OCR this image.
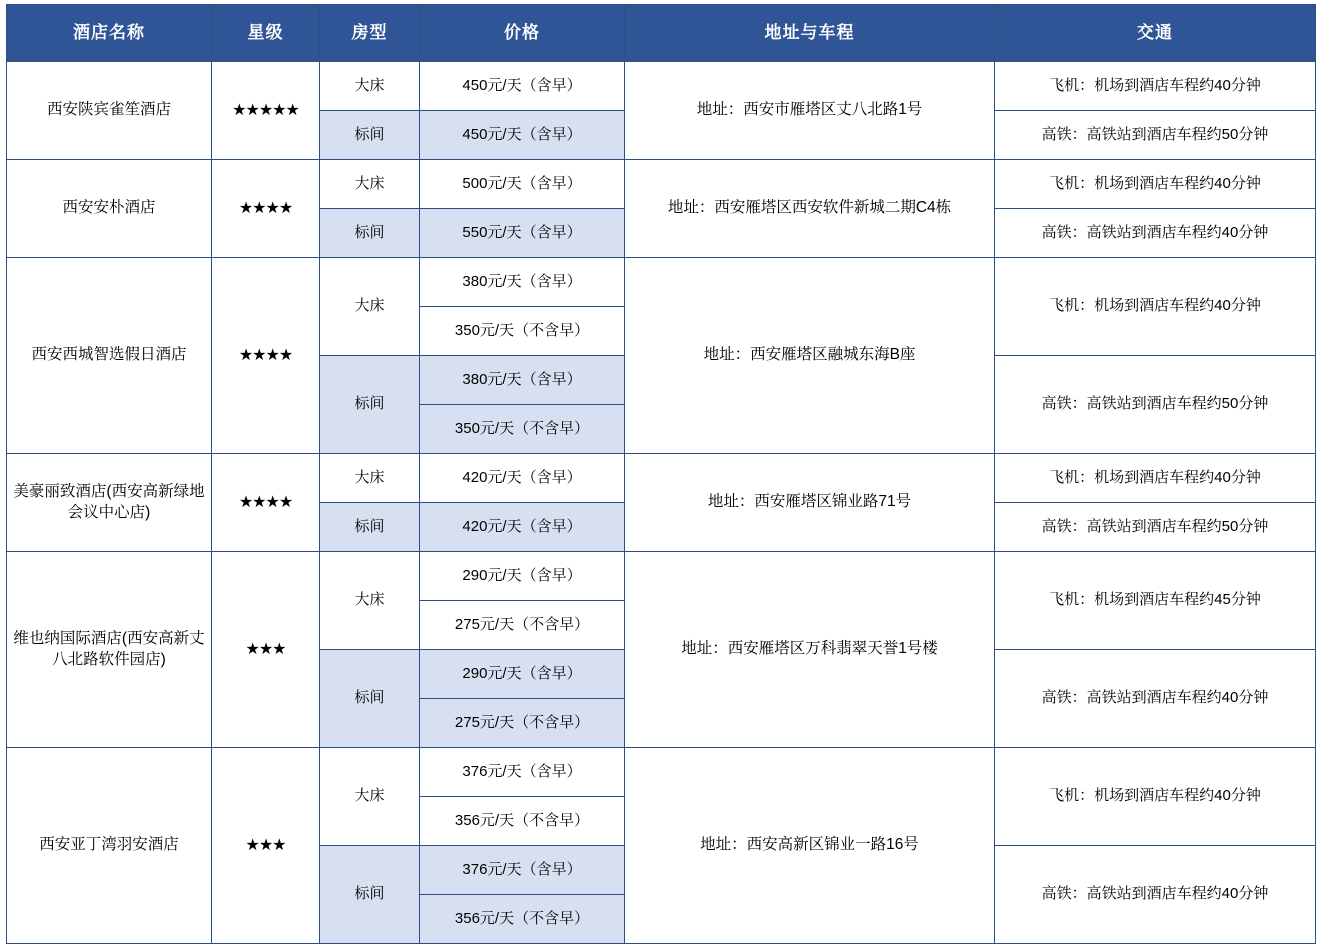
酒店名称	星级	房型	价格	地址与车程	交通
西安陕宾雀笙酒店	★★★★★	大床	450元/天（含早）	地址：西安市雁塔区丈八北路1号	飞机：机场到酒店车程约40分钟
		标间	450元/天（含早）		高铁：高铁站到酒店车程约50分钟
西安安朴酒店	★★★★	大床	500元/天（含早）	地址：西安雁塔区西安软件新城二期C4栋	飞机：机场到酒店车程约40分钟
		标间	550元/天（含早）		高铁：高铁站到酒店车程约40分钟
西安西城智选假日酒店	★★★★	大床	380元/天（含早）	地址：西安雁塔区融城东海B座	飞机：机场到酒店车程约40分钟
			350元/天（不含早）		
		标间	380元/天（含早）		高铁：高铁站到酒店车程约50分钟
			350元/天（不含早）		
美豪丽致酒店(西安高新绿地会议中心店)	★★★★	大床	420元/天（含早）	地址：西安雁塔区锦业路71号	飞机：机场到酒店车程约40分钟
		标间	420元/天（含早）		高铁：高铁站到酒店车程约50分钟
维也纳国际酒店(西安高新丈八北路软件园店)	★★★	大床	290元/天（含早）	地址：西安雁塔区万科翡翠天誉1号楼	飞机：机场到酒店车程约45分钟
			275元/天（不含早）		
		标间	290元/天（含早）		高铁：高铁站到酒店车程约40分钟
			275元/天（不含早）		
西安亚丁湾羽安酒店	★★★	大床	376元/天（含早）	地址：西安高新区锦业一路16号	飞机：机场到酒店车程约40分钟
			356元/天（不含早）		
		标间	376元/天（含早）		高铁：高铁站到酒店车程约40分钟
			356元/天（不含早）		
